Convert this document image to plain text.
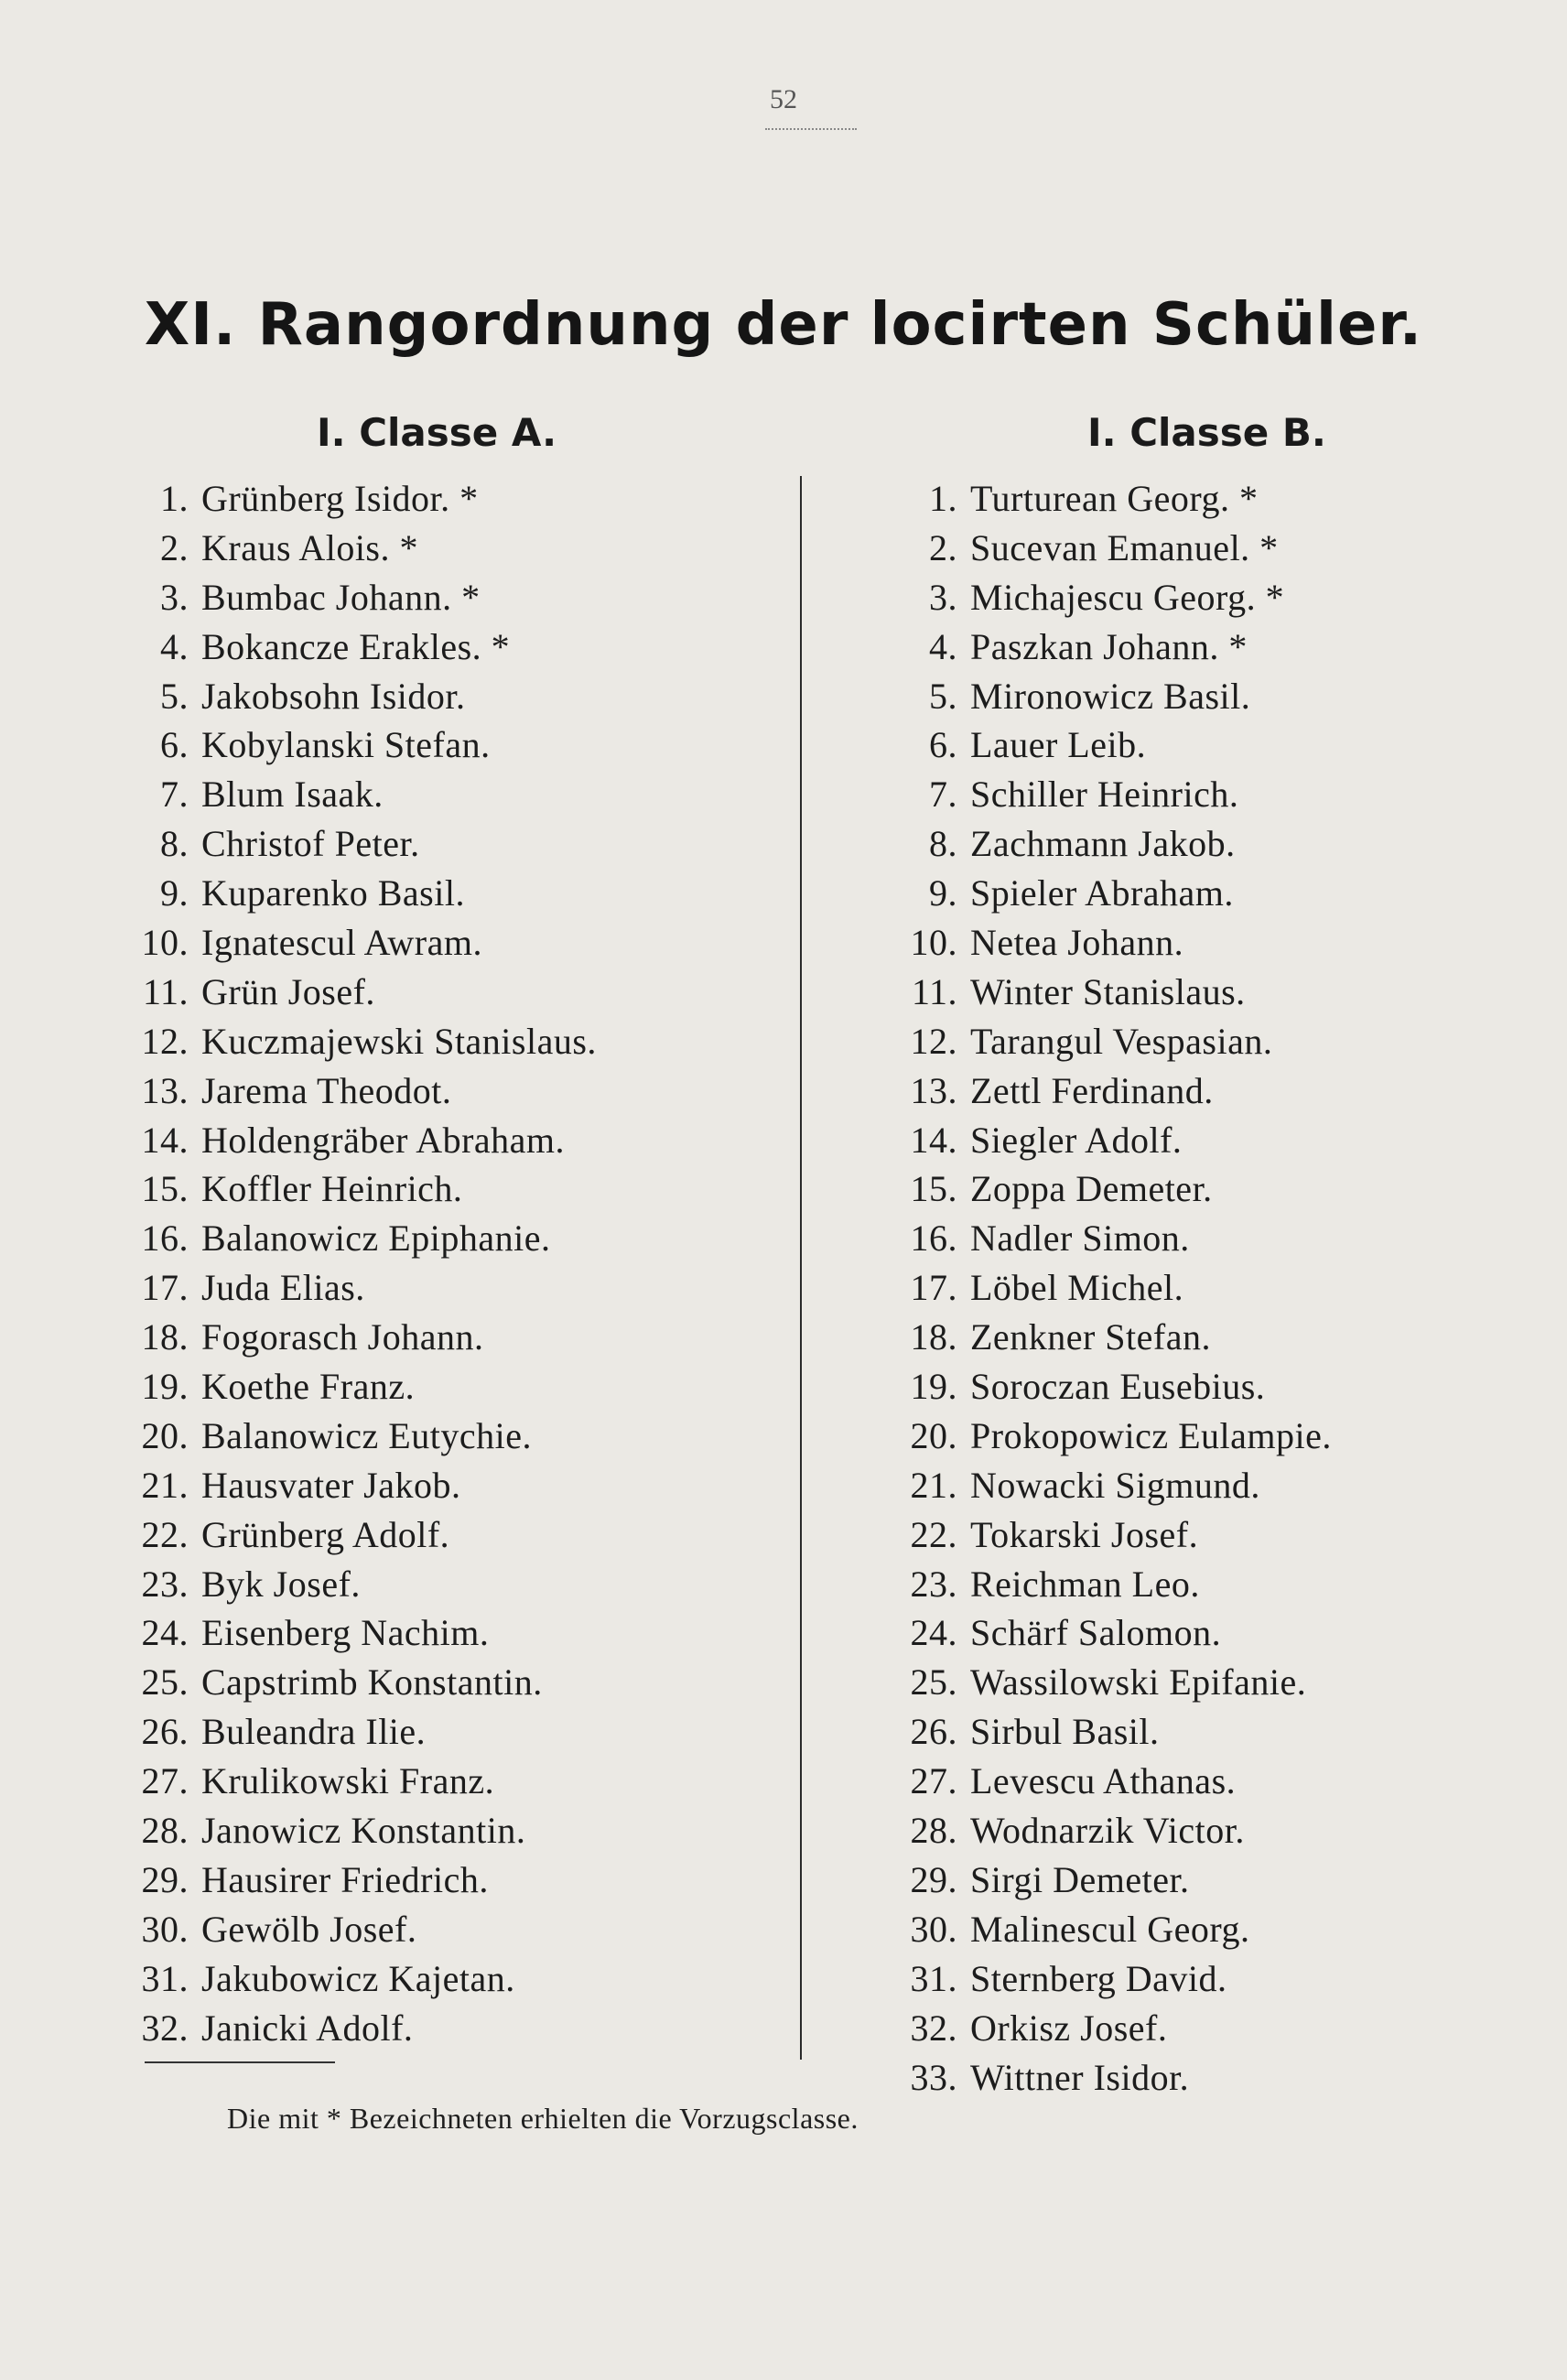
52
XI. Rangordnung der locirten Schüler.
I. Classe A.	I. Classe B.
1. Grünberg Isidor. *
2. Kraus Alois. *
3. Bumbac Johann. *
4. Bokancze Erakles. *
5. Jakobsohn Isidor.
6. Kobylanski Stefan.
7. Blum Isaak.
8. Christof Peter.
9. Kuparenko Basil.
10. Ignatescul Awram.
11. Grün Josef.
12. Kuczmajewski Stanislaus.
13. Jarema Theodot.
14. Holdengräber Abraham.
15. Koffler Heinrich.
16. Balanowicz Epiphanie.
17. Juda Elias.
18. Fogorasch Johann.
19. Koethe Franz.
20. Balanowicz Eutychie.
21. Hausvater Jakob.
22. Grünberg Adolf.
23. Byk Josef.
24. Eisenberg Nachim.
25. Capstrimb Konstantin.
26. Buleandra Ilie.
27. Krulikowski Franz.
28. Janowicz Konstantin.
29. Hausirer Friedrich.
30. Gewölb Josef.
31. Jakubowicz Kajetan.
32. Janicki Adolf.
1. Turturean Georg. *
2. Sucevan Emanuel. *
3. Michajescu Georg. *
4. Paszkan Johann. *
5. Mironowicz Basil.
6. Lauer Leib.
7. Schiller Heinrich.
8. Zachmann Jakob.
9. Spieler Abraham.
10. Netea Johann.
11. Winter Stanislaus.
12. Tarangul Vespasian.
13. Zettl Ferdinand.
14. Siegler Adolf.
15. Zoppa Demeter.
16. Nadler Simon.
17. Löbel Michel.
18. Zenkner Stefan.
19. Soroczan Eusebius.
20. Prokopowicz Eulampie.
21. Nowacki Sigmund.
22. Tokarski Josef.
23. Reichman Leo.
24. Schärf Salomon.
25. Wassilowski Epifanie.
26. Sirbul Basil.
27. Levescu Athanas.
28. Wodnarzik Victor.
29. Sirgi Demeter.
30. Malinescul Georg.
31. Sternberg David.
32. Orkisz Josef.
33. Wittner Isidor.
Die mit * Bezeichneten erhielten die Vorzugsclasse.
